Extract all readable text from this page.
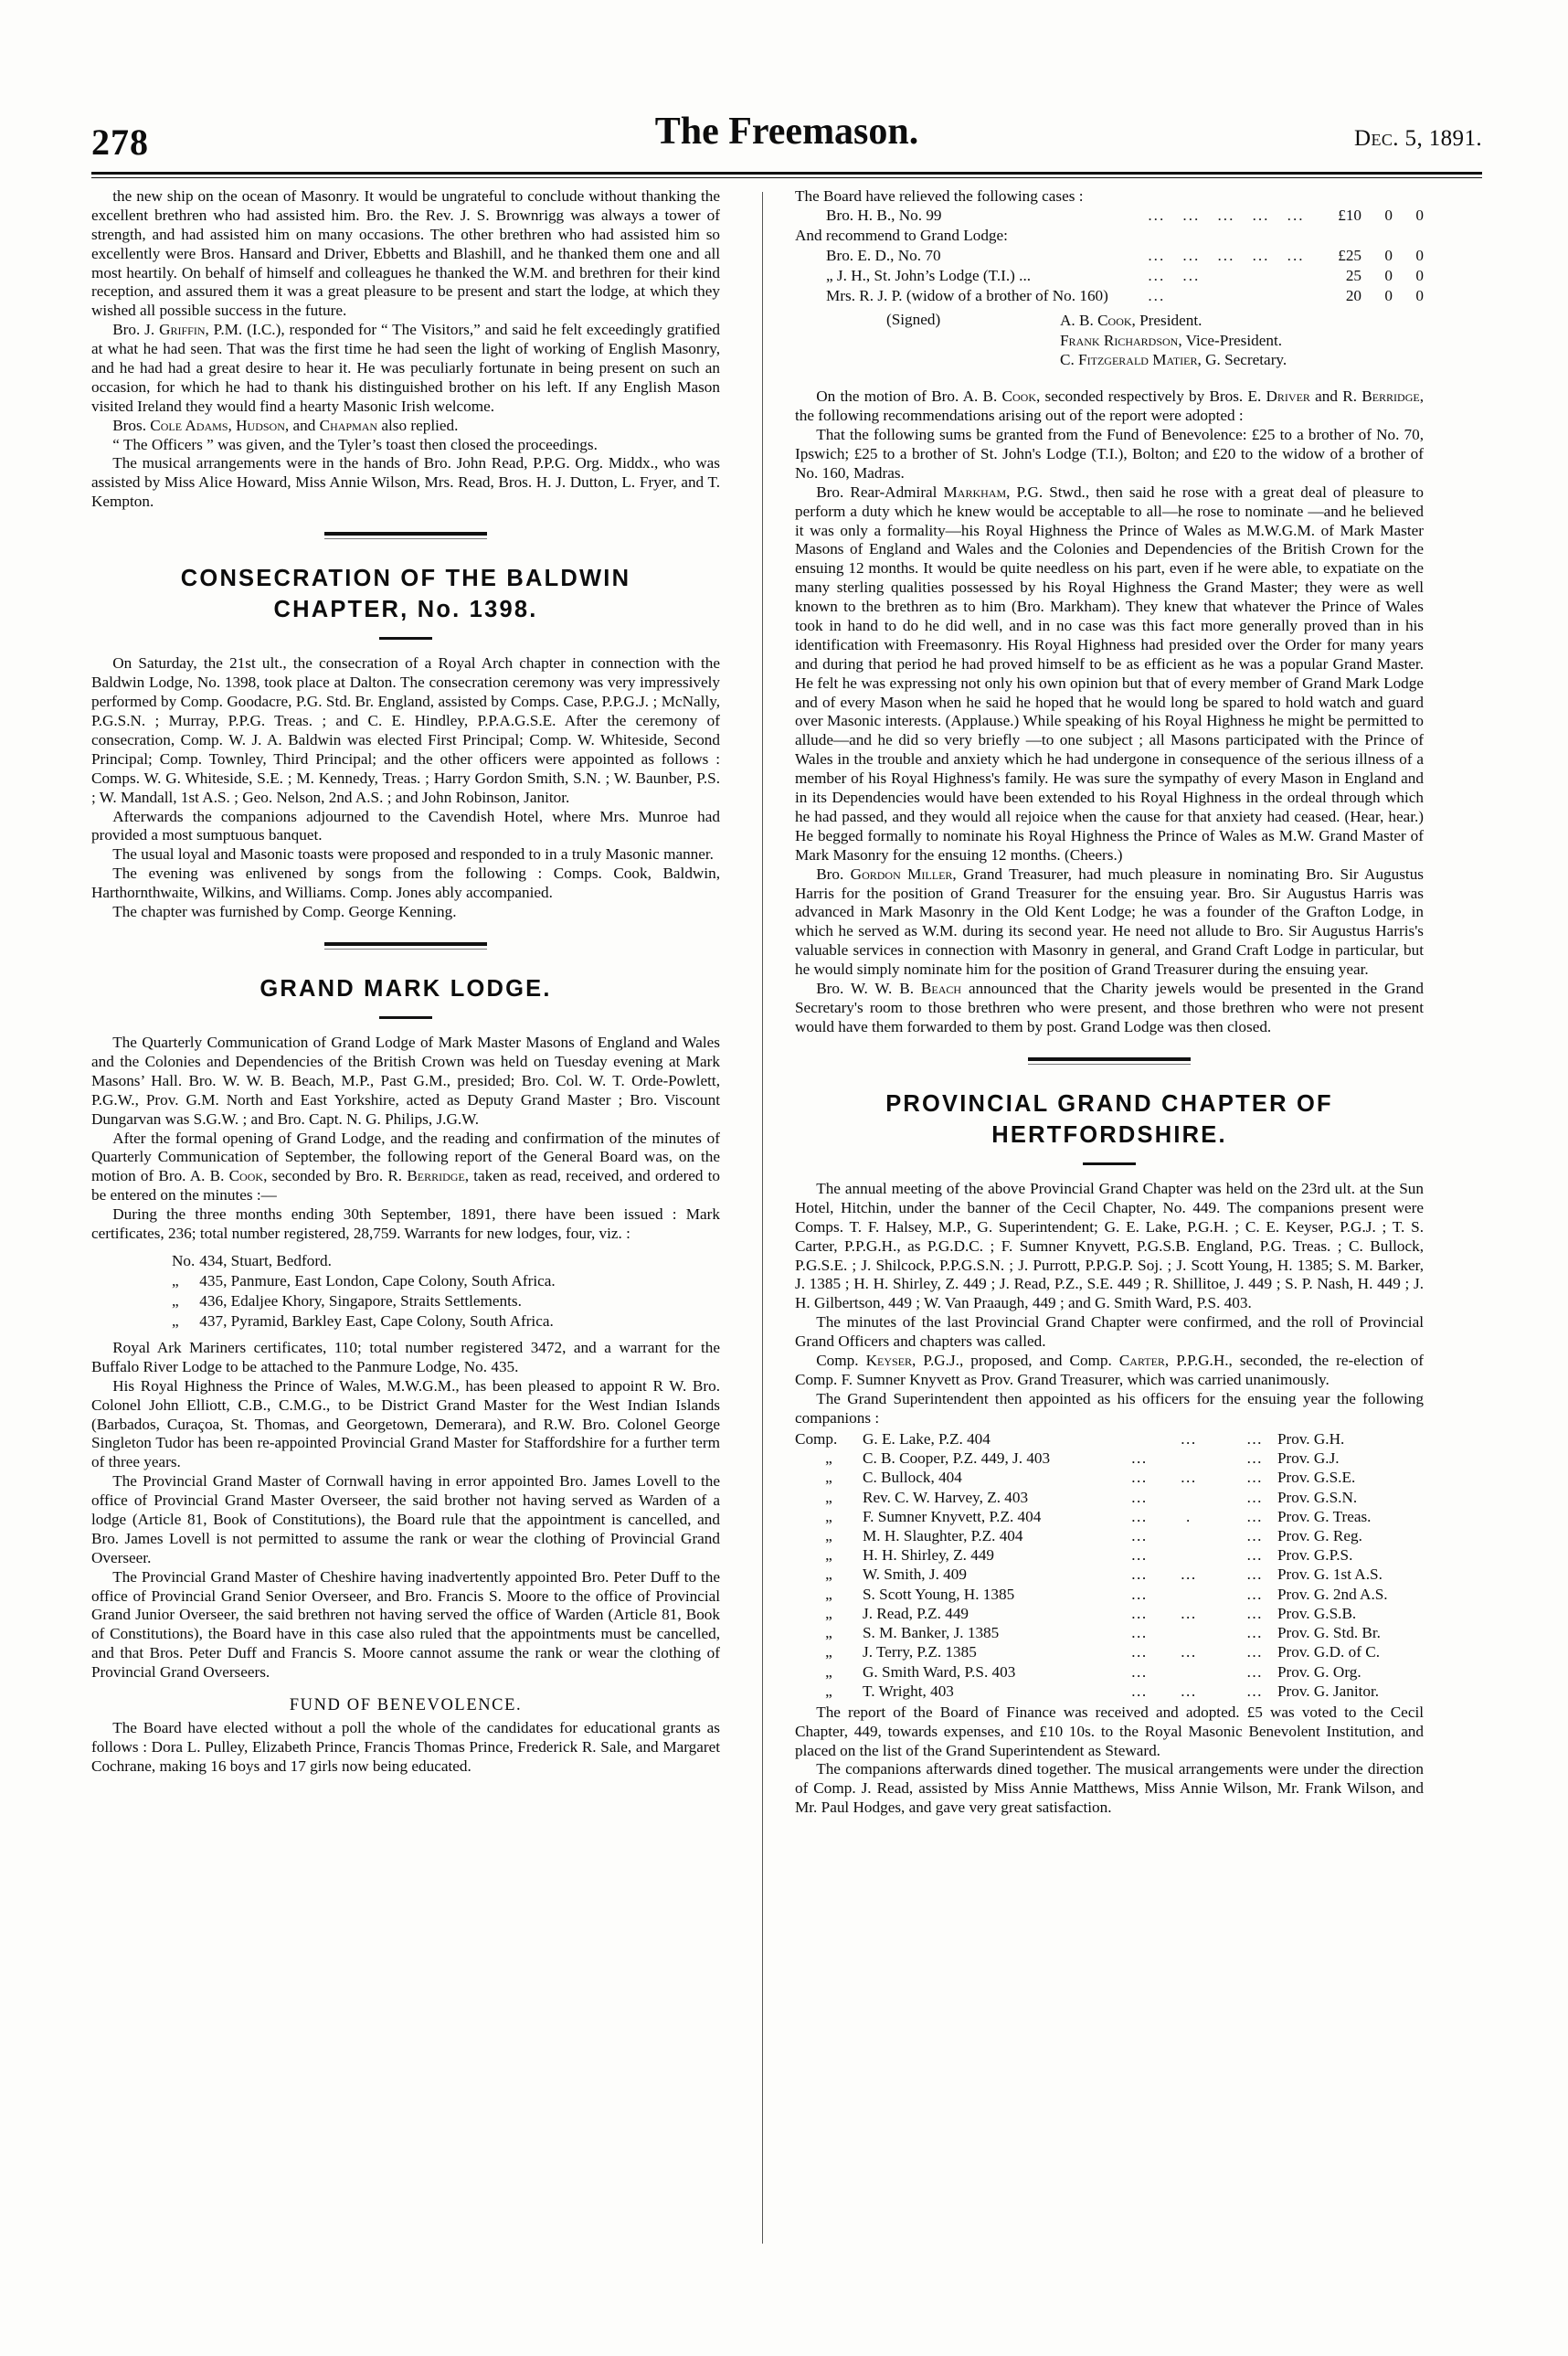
278	The Freemason.	Dec. 5, 1891.

the new ship on the ocean of Masonry. It would be ungrateful to conclude without thanking the excellent brethren who had assisted him. Bro. the Rev. J. S. Brownrigg was always a tower of strength, and had assisted him on many occasions. The other brethren who had assisted him so excellently were Bros. Hansard and Driver, Ebbetts and Blashill, and he thanked them one and all most heartily. On behalf of himself and colleagues he thanked the W.M. and brethren for their kind reception, and assured them it was a great pleasure to be present and start the lodge, at which they wished all possible success in the future.

Bro. J. Griffin, P.M. (I.C.), responded for “ The Visitors,” and said he felt exceedingly gratified at what he had seen. That was the first time he had seen the light of working of English Masonry, and he had had a great desire to hear it. He was peculiarly fortunate in being present on such an occasion, for which he had to thank his distinguished brother on his left. If any English Mason visited Ireland they would find a hearty Masonic Irish welcome.

Bros. Cole Adams, Hudson, and Chapman also replied.

“ The Officers ” was given, and the Tyler’s toast then closed the proceedings.

The musical arrangements were in the hands of Bro. John Read, P.P.G. Org. Middx., who was assisted by Miss Alice Howard, Miss Annie Wilson, Mrs. Read, Bros. H. J. Dutton, L. Fryer, and T. Kempton.

CONSECRATION OF THE BALDWIN
CHAPTER, No. 1398.

On Saturday, the 21st ult., the consecration of a Royal Arch chapter in connection with the Baldwin Lodge, No. 1398, took place at Dalton. The consecration ceremony was very impressively performed by Comp. Goodacre, P.G. Std. Br. England, assisted by Comps. Case, P.P.G.J. ; McNally, P.G.S.N. ; Murray, P.P.G. Treas. ; and C. E. Hindley, P.P.A.G.S.E. After the ceremony of consecration, Comp. W. J. A. Baldwin was elected First Principal; Comp. W. Whiteside, Second Principal; Comp. Townley, Third Principal; and the other officers were appointed as follows : Comps. W. G. Whiteside, S.E. ; M. Kennedy, Treas. ; Harry Gordon Smith, S.N. ; W. Baunber, P.S. ; W. Mandall, 1st A.S. ; Geo. Nelson, 2nd A.S. ; and John Robinson, Janitor.

Afterwards the companions adjourned to the Cavendish Hotel, where Mrs. Munroe had provided a most sumptuous banquet.

The usual loyal and Masonic toasts were proposed and responded to in a truly Masonic manner.

The evening was enlivened by songs from the following : Comps. Cook, Baldwin, Harthornthwaite, Wilkins, and Williams. Comp. Jones ably accompanied.

The chapter was furnished by Comp. George Kenning.

GRAND MARK LODGE.

The Quarterly Communication of Grand Lodge of Mark Master Masons of England and Wales and the Colonies and Dependencies of the British Crown was held on Tuesday evening at Mark Masons’ Hall. Bro. W. W. B. Beach, M.P., Past G.M., presided; Bro. Col. W. T. Orde-Powlett, P.G.W., Prov. G.M. North and East Yorkshire, acted as Deputy Grand Master ; Bro. Viscount Dungarvan was S.G.W. ; and Bro. Capt. N. G. Philips, J.G.W.

After the formal opening of Grand Lodge, and the reading and confirmation of the minutes of Quarterly Communication of September, the following report of the General Board was, on the motion of Bro. A. B. Cook, seconded by Bro. R. Berridge, taken as read, received, and ordered to be entered on the minutes :—

During the three months ending 30th September, 1891, there have been issued : Mark certificates, 236; total number registered, 28,759. Warrants for new lodges, four, viz. :

No. 434, Stuart, Bedford.
„ 435, Panmure, East London, Cape Colony, South Africa.
„ 436, Edaljee Khory, Singapore, Straits Settlements.
„ 437, Pyramid, Barkley East, Cape Colony, South Africa.

Royal Ark Mariners certificates, 110; total number registered 3472, and a warrant for the Buffalo River Lodge to be attached to the Panmure Lodge, No. 435.

His Royal Highness the Prince of Wales, M.W.G.M., has been pleased to appoint R W. Bro. Colonel John Elliott, C.B., C.M.G., to be District Grand Master for the West Indian Islands (Barbados, Curaçoa, St. Thomas, and Georgetown, Demerara), and R.W. Bro. Colonel George Singleton Tudor has been re-appointed Provincial Grand Master for Staffordshire for a further term of three years.

The Provincial Grand Master of Cornwall having in error appointed Bro. James Lovell to the office of Provincial Grand Master Overseer, the said brother not having served as Warden of a lodge (Article 81, Book of Constitutions), the Board rule that the appointment is cancelled, and Bro. James Lovell is not permitted to assume the rank or wear the clothing of Provincial Grand Overseer.

The Provincial Grand Master of Cheshire having inadvertently appointed Bro. Peter Duff to the office of Provincial Grand Senior Overseer, and Bro. Francis S. Moore to the office of Provincial Grand Junior Overseer, the said brethren not having served the office of Warden (Article 81, Book of Constitutions), the Board have in this case also ruled that the appointments must be cancelled, and that Bros. Peter Duff and Francis S. Moore cannot assume the rank or wear the clothing of Provincial Grand Overseers.

FUND OF BENEVOLENCE.

The Board have elected without a poll the whole of the candidates for educational grants as follows : Dora L. Pulley, Elizabeth Prince, Francis Thomas Prince, Frederick R. Sale, and Margaret Cochrane, making 16 boys and 17 girls now being educated.

The Board have relieved the following cases :

Bro. H. B., No. 99	... ... ... ... ...	£10	0	0
And recommend to Grand Lodge:				
Bro. E. D., No. 70	... ... ... ... ...	£25	0	0
„ J. H., St. John’s Lodge (T.I.) ...	... ...	25	0	0
Mrs. R. J. P. (widow of a brother of No. 160)	...	20	0	0
(Signed)	A. B. Cook, President.
Frank Richardson, Vice-President.
C. Fitzgerald Matier, G. Secretary.

On the motion of Bro. A. B. Cook, seconded respectively by Bros. E. Driver and R. Berridge, the following recommendations arising out of the report were adopted :

That the following sums be granted from the Fund of Benevolence: £25 to a brother of No. 70, Ipswich; £25 to a brother of St. John's Lodge (T.I.), Bolton; and £20 to the widow of a brother of No. 160, Madras.

Bro. Rear-Admiral Markham, P.G. Stwd., then said he rose with a great deal of pleasure to perform a duty which he knew would be acceptable to all—he rose to nominate —and he believed it was only a formality—his Royal Highness the Prince of Wales as M.W.G.M. of Mark Master Masons of England and Wales and the Colonies and Dependencies of the British Crown for the ensuing 12 months. It would be quite needless on his part, even if he were able, to expatiate on the many sterling qualities possessed by his Royal Highness the Grand Master; they were as well known to the brethren as to him (Bro. Markham). They knew that whatever the Prince of Wales took in hand to do he did well, and in no case was this fact more generally proved than in his identification with Freemasonry. His Royal Highness had presided over the Order for many years and during that period he had proved himself to be as efficient as he was a popular Grand Master. He felt he was expressing not only his own opinion but that of every member of Grand Mark Lodge and of every Mason when he said he hoped that he would long be spared to hold watch and guard over Masonic interests. (Applause.) While speaking of his Royal Highness he might be permitted to allude—and he did so very briefly —to one subject ; all Masons participated with the Prince of Wales in the trouble and anxiety which he had undergone in consequence of the serious illness of a member of his Royal Highness's family. He was sure the sympathy of every Mason in England and in its Dependencies would have been extended to his Royal Highness in the ordeal through which he had passed, and they would all rejoice when the cause for that anxiety had ceased. (Hear, hear.) He begged formally to nominate his Royal Highness the Prince of Wales as M.W. Grand Master of Mark Masonry for the ensuing 12 months. (Cheers.)

Bro. Gordon Miller, Grand Treasurer, had much pleasure in nominating Bro. Sir Augustus Harris for the position of Grand Treasurer for the ensuing year. Bro. Sir Augustus Harris was advanced in Mark Masonry in the Old Kent Lodge; he was a founder of the Grafton Lodge, in which he served as W.M. during its second year. He need not allude to Bro. Sir Augustus Harris's valuable services in connection with Masonry in general, and Grand Craft Lodge in particular, but he would simply nominate him for the position of Grand Treasurer during the ensuing year.

Bro. W. W. B. Beach announced that the Charity jewels would be presented in the Grand Secretary's room to those brethren who were present, and those brethren who were not present would have them forwarded to them by post. Grand Lodge was then closed.

PROVINCIAL GRAND CHAPTER OF
HERTFORDSHIRE.

The annual meeting of the above Provincial Grand Chapter was held on the 23rd ult. at the Sun Hotel, Hitchin, under the banner of the Cecil Chapter, No. 449. The companions present were Comps. T. F. Halsey, M.P., G. Superintendent; G. E. Lake, P.G.H. ; C. E. Keyser, P.G.J. ; T. S. Carter, P.P.G.H., as P.G.D.C. ; F. Sumner Knyvett, P.G.S.B. England, P.G. Treas. ; C. Bullock, P.G.S.E. ; J. Shilcock, P.P.G.S.N. ; J. Purrott, P.P.G.P. Soj. ; J. Scott Young, H. 1385; S. M. Barker, J. 1385 ; H. H. Shirley, Z. 449 ; J. Read, P.Z., S.E. 449 ; R. Shillitoe, J. 449 ; S. P. Nash, H. 449 ; J. H. Gilbertson, 449 ; W. Van Praaugh, 449 ; and G. Smith Ward, P.S. 403.

The minutes of the last Provincial Grand Chapter were confirmed, and the roll of Provincial Grand Officers and chapters was called.

Comp. Keyser, P.G.J., proposed, and Comp. Carter, P.P.G.H., seconded, the re-election of Comp. F. Sumner Knyvett as Prov. Grand Treasurer, which was carried unanimously.

The Grand Superintendent then appointed as his officers for the ensuing year the following companions :

Comp.	G. E. Lake, P.Z. 404		...	...	Prov. G.H.
„	C. B. Cooper, P.Z. 449, J. 403	...		...	Prov. G.J.
„	C. Bullock, 404	...	...	...	Prov. G.S.E.
„	Rev. C. W. Harvey, Z. 403	...		...	Prov. G.S.N.
„	F. Sumner Knyvett, P.Z. 404	...	.	...	Prov. G. Treas.
„	M. H. Slaughter, P.Z. 404	...		...	Prov. G. Reg.
„	H. H. Shirley, Z. 449	...		...	Prov. G.P.S.
„	W. Smith, J. 409	...	...	...	Prov. G. 1st A.S.
„	S. Scott Young, H. 1385	...		...	Prov. G. 2nd A.S.
„	J. Read, P.Z. 449	...	...	...	Prov. G.S.B.
„	S. M. Banker, J. 1385	...		...	Prov. G. Std. Br.
„	J. Terry, P.Z. 1385	...	...	...	Prov. G.D. of C.
„	G. Smith Ward, P.S. 403	...		...	Prov. G. Org.
„	T. Wright, 403	...	...	...	Prov. G. Janitor.

The report of the Board of Finance was received and adopted. £5 was voted to the Cecil Chapter, 449, towards expenses, and £10 10s. to the Royal Masonic Benevolent Institution, and placed on the list of the Grand Superintendent as Steward.

The companions afterwards dined together. The musical arrangements were under the direction of Comp. J. Read, assisted by Miss Annie Matthews, Miss Annie Wilson, Mr. Frank Wilson, and Mr. Paul Hodges, and gave very great satisfaction.
